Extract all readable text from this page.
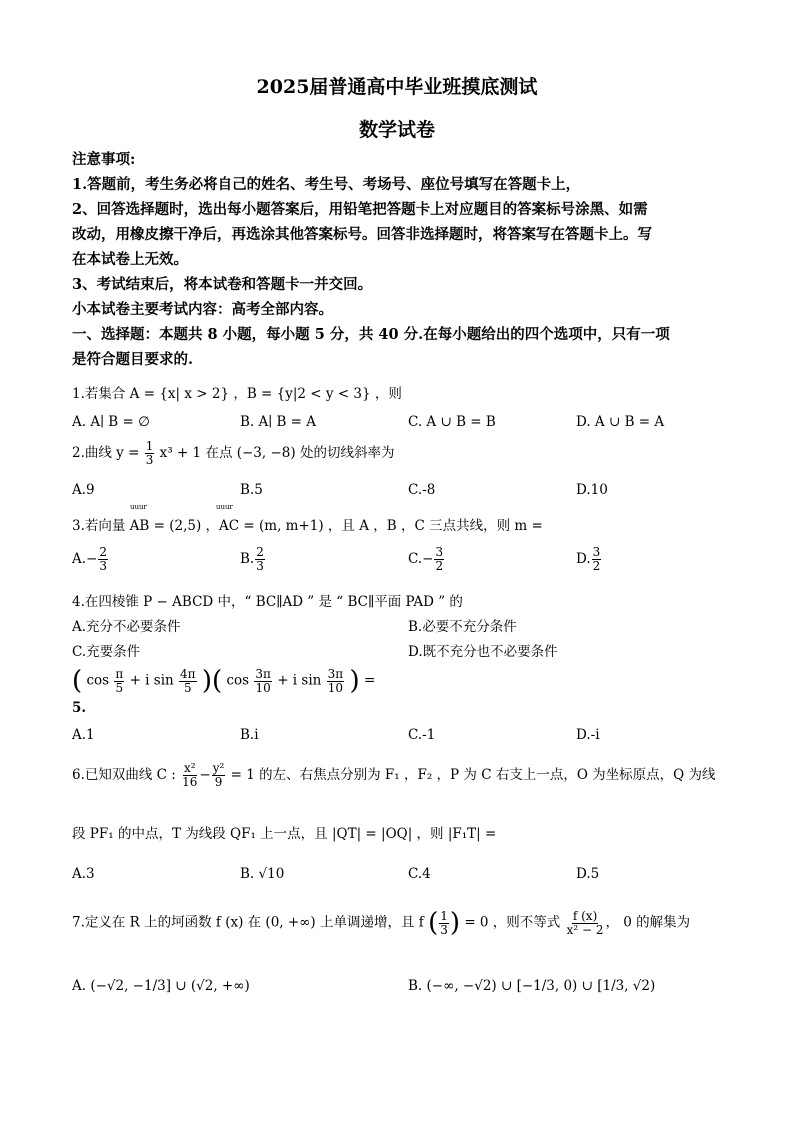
2025届普通高中毕业班摸底测试
数学试卷
注意事项:
1.答题前，考生务必将自己的姓名、考生号、考场号、座位号填写在答题卡上，
2、回答选择题时，选出每小题答案后，用铅笔把答题卡上对应题目的答案标号涂黑、如需
改动，用橡皮擦干净后，再选涂其他答案标号。回答非选择题时，将答案写在答题卡上。写
在本试卷上无效。
3、考试结束后，将本试卷和答题卡一并交回。
小本试卷主要考试内容：高考全部内容。
一、选择题：本题共 8 小题，每小题 5 分，共 40 分.在每小题给出的四个选项中，只有一项
是符合题目要求的.
1.若集合 A = {x| x > 2} ，B = {y|2 < y < 3} ，则
A. A∣ B = ∅	B. A∣ B = A	C. A ∪ B = B	D. A ∪ B = A
2.曲线 $y = \frac{1}{3} x^3 + 1$ 在点 (−3, −8) 处的切线斜率为
A.9	B.5	C.-8	D.10
uuur	uuur
3.若向量 AB = (2,5) ，AC = (m, m+1) ，且 A ，B ，C 三点共线，则 m =
$A.- \frac{2}{3}$	B. $\frac{2}{3}$	$C.- \frac{3}{2}$	D. $\frac{3}{2}$
4.在四棱锥 P − ABCD 中，“ BC∥AD ” 是 “ BC∥平面 PAD ” 的
A.充分不必要条件	B.必要不充分条件
C.充要条件	D.既不充分也不必要条件
( $\cos \frac{\pi}{5} + i$ $\sin \frac{4\pi}{5}$ )( $\cos \frac{3\pi}{10} + i$ $\sin \frac{3\pi}{10}$ ) =
5.
A.1	B.i	C.-1	D.-i
6.已知双曲线 C : $\frac{\text{x²}}{16} - \frac{\text{y²}}{9} = 1$ 的左、右焦点分别为 F₁ ，F₂ ，P 为 C 右支上一点，O 为坐标原点，Q 为线
段 PF₁ 的中点，T 为线段 QF₁ 上一点，且 |QT| = |OQ| ，则 |F₁T| =
A.3	B. √10	C.4	D.5
7.定义在 R 上的坷函数 f (x) 在 (0, +∞) 上单调递增，且 f ( $\frac{1}{3}$ ) = 0 ，则不等式 $\frac{f (x)}{\text{x² − 2}}$ ， 0 的解集为
A. (−√2, −1/3] ∪ (√2, +∞)	B. (−∞, −√2) ∪ [−1/3, 0) ∪ [1/3, √2)
